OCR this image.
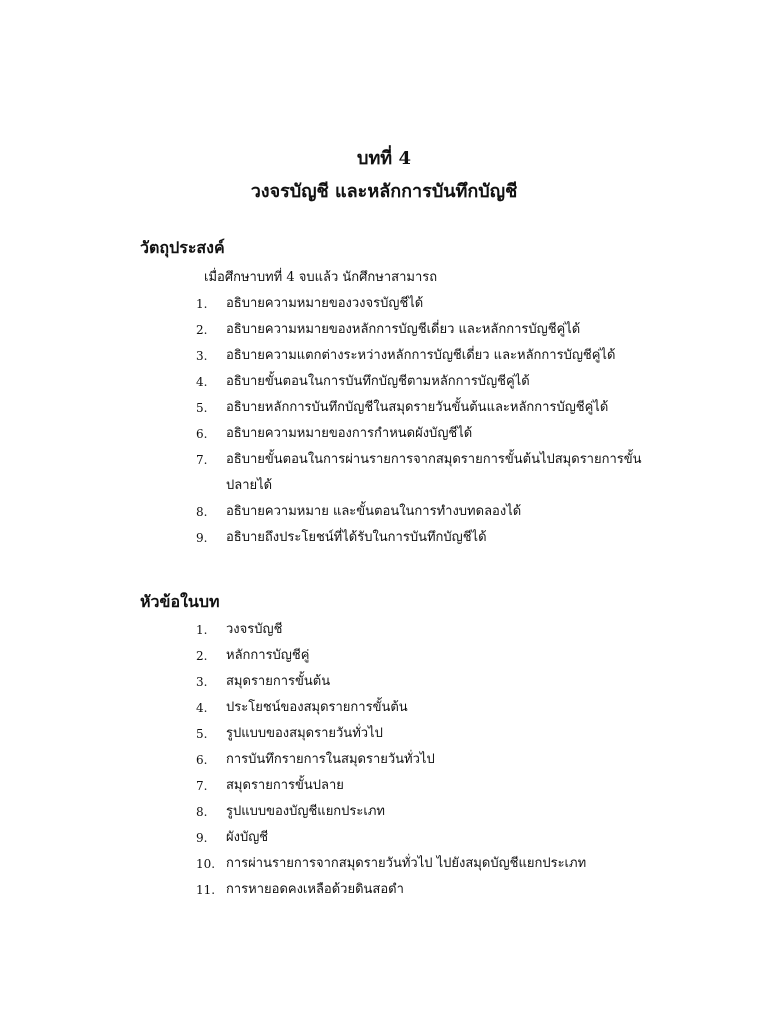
บทที่ 4
วงจรบัญชี และหลักการบันทึกบัญชี
วัตถุประสงค์
เมื่อศึกษาบทที่ 4 จบแล้ว นักศึกษาสามารถ
1.	อธิบายความหมายของวงจรบัญชีได้
2.	อธิบายความหมายของหลักการบัญชีเดี่ยว และหลักการบัญชีคู่ได้
3.	อธิบายความแตกต่างระหว่างหลักการบัญชีเดี่ยว และหลักการบัญชีคู่ได้
4.	อธิบายขั้นตอนในการบันทึกบัญชีตามหลักการบัญชีคู่ได้
5.	อธิบายหลักการบันทึกบัญชีในสมุดรายวันขั้นต้นและหลักการบัญชีคู่ได้
6.	อธิบายความหมายของการกำหนดผังบัญชีได้
7.	อธิบายขั้นตอนในการผ่านรายการจากสมุดรายการขั้นต้นไปสมุดรายการขั้นปลายได้
8.	อธิบายความหมาย และขั้นตอนในการทำงบทดลองได้
9.	อธิบายถึงประโยชน์ที่ได้รับในการบันทึกบัญชีได้
หัวข้อในบท
1.	วงจรบัญชี
2.	หลักการบัญชีคู่
3.	สมุดรายการขั้นต้น
4.	ประโยชน์ของสมุดรายการขั้นต้น
5.	รูปแบบของสมุดรายวันทั่วไป
6.	การบันทึกรายการในสมุดรายวันทั่วไป
7.	สมุดรายการขั้นปลาย
8.	รูปแบบของบัญชีแยกประเภท
9.	ผังบัญชี
10. การผ่านรายการจากสมุดรายวันทั่วไป ไปยังสมุดบัญชีแยกประเภท
11. การหายอดคงเหลือด้วยดินสอดำ
